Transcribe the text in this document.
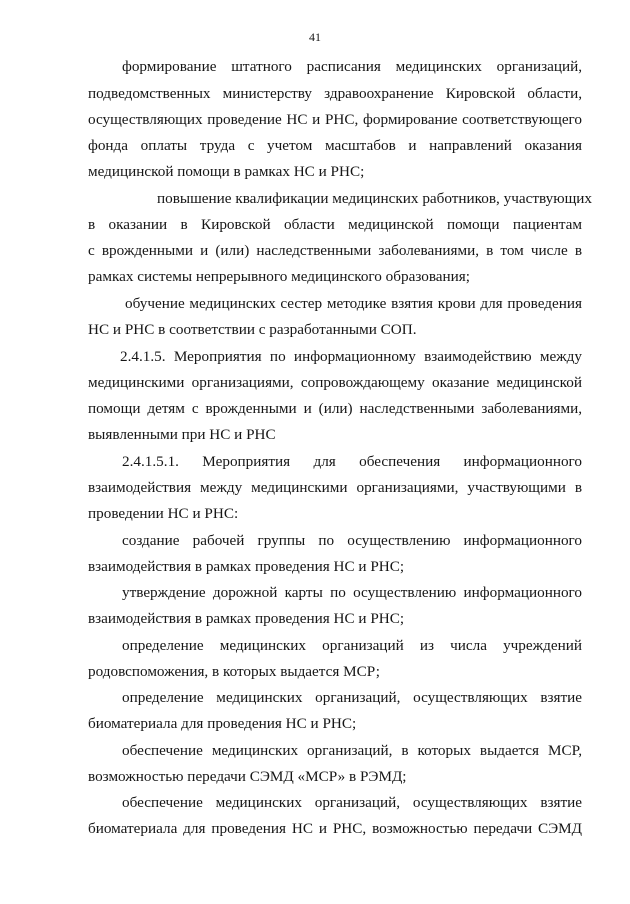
41
формирование штатного расписания медицинских организаций,
подведомственных министерству здравоохранение Кировской области,
осуществляющих проведение НС и РНС, формирование соответствующего
фонда оплаты труда с учетом масштабов и направлений оказания
медицинской помощи в рамках НС и РНС;
повышение квалификации медицинских работников, участвующих
в оказании в Кировской области медицинской помощи пациентам
с врожденными и (или) наследственными заболеваниями, в том числе в
рамках системы непрерывного медицинского образования;
обучение медицинских сестер методике взятия крови для проведения
НС и РНС в соответствии с разработанными СОП.
2.4.1.5. Мероприятия по информационному взаимодействию между
медицинскими организациями, сопровождающему оказание медицинской
помощи детям с врожденными и (или) наследственными заболеваниями,
выявленными при НС и РНС
2.4.1.5.1. Мероприятия для обеспечения информационного
взаимодействия между медицинскими организациями, участвующими в
проведении НС и РНС:
создание рабочей группы по осуществлению информационного
взаимодействия в рамках проведения НС и РНС;
утверждение дорожной карты по осуществлению информационного
взаимодействия в рамках проведения НС и РНС;
определение медицинских организаций из числа учреждений
родовспоможения, в которых выдается МСР;
определение медицинских организаций, осуществляющих взятие
биоматериала для проведения НС и РНС;
обеспечение медицинских организаций, в которых выдается МСР,
возможностью передачи СЭМД «МСР» в РЭМД;
обеспечение медицинских организаций, осуществляющих взятие
биоматериала для проведения НС и РНС, возможностью передачи СЭМД
